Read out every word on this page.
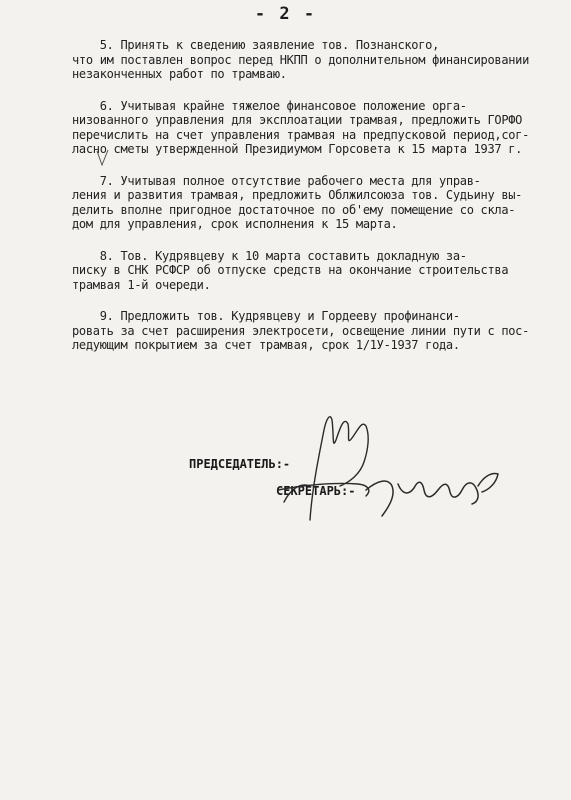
- 2 -
5. Принять к сведению заявление тов. Познанского,
что им поставлен вопрос перед НКПП о дополнительном финансировании
незаконченных работ по трамваю.
6. Учитывая крайне тяжелое финансовое положение орга-
низованного управления для эксплоатации трамвая, предложить ГОРФО
перечислить на счет управления трамвая на предпусковой период,сог-
ласно сметы утвержденной Президиумом Горсовета к 15 марта 1937 г.
7. Учитывая полное отсутствие рабочего места для управ-
ления и развития трамвая, предложить Облжилсоюза тов. Судьину вы-
делить вполне пригодное достаточное по об'ему помещение со скла-
дом для управления, срок исполнения к 15 марта.
8. Тов. Кудрявцеву к 10 марта составить докладную за-
писку в СНК РСФСР об отпуске средств на окончание строительства
трамвая 1-й очереди.
9. Предложить тов. Кудрявцеву и Гордееву профинанси-
ровать за счет расширения электросети, освещение линии пути с пос-
ледующим покрытием за счет трамвая, срок 1/1У-1937 года.
ПРЕДСЕДАТЕЛЬ:-
СЕКРЕТАРЬ:-
